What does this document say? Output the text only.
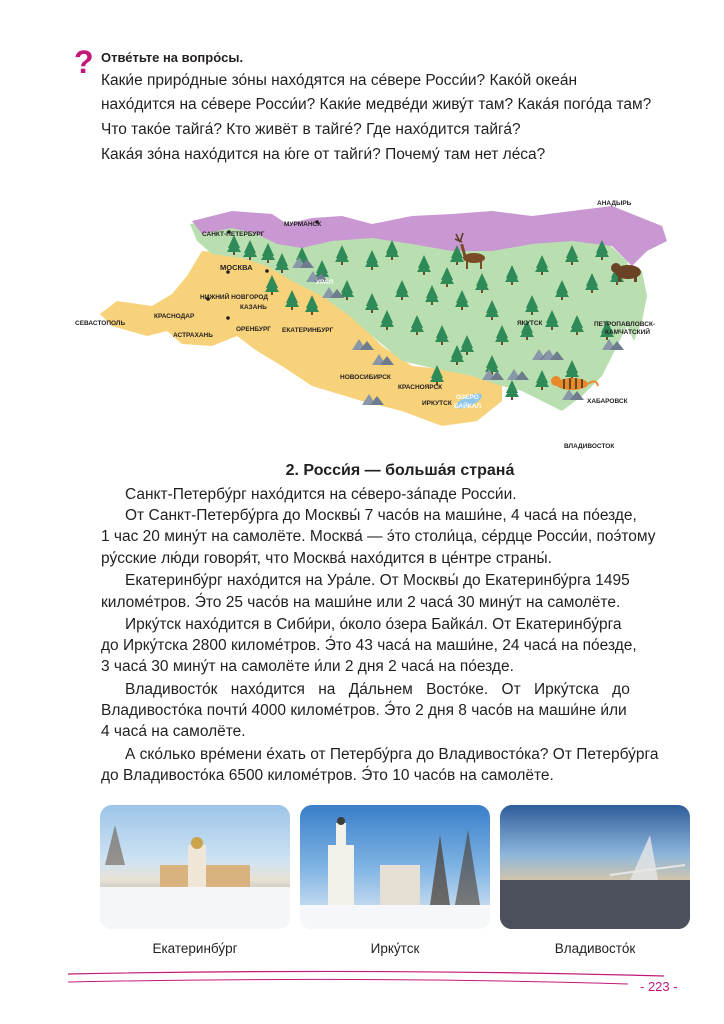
? Отве́тьте на вопро́сы.
Каки́е приро́дные зо́ны нахо́дятся на се́вере Росси́и? Како́й океа́н
нахо́дится на се́вере Росси́и? Каки́е медве́ди живу́т там? Кака́я пого́да там?
Что тако́е тайга́? Кто живёт в тайге́? Где нахо́дится тайга́?
Кака́я зо́на нахо́дится на ю́ге от тайги́? Почему́ там нет ле́са?
МУРМАНСК
АНАДЫРЬ
САНКТ-ПЕТЕРБУРГ
МОСКВА
УРАЛ
НИЖНИЙ НОВГОРОД
КАЗАНЬ
СЕВАСТОПОЛЬ
КРАСНОДАР
АСТРАХАНЬ
ОРЕНБУРГ ЕКАТЕРИНБУРГ
НОВОСИБИРСК
КРАСНОЯРСК
ИРКУТСК
ОЗЕРО
БАЙКАЛ
ЯКУТСК	ПЕТРОПАВЛОВСК-
КАМЧАТСКИЙ
ХАБАРОВСК
ВЛАДИВОСТОК
2. Росси́я — больша́я страна́
Санкт-Петербу́рг нахо́дится на се́веро-за́паде Росси́и.
От Санкт-Петербу́рга до Москвы́ 7 часо́в на маши́не, 4 часа́ на по́езде,
1 час 20 мину́т на самолёте. Москва́ — э́то столи́ца, се́рдце Росси́и, поэ́тому
ру́сские лю́ди говоря́т, что Москва́ нахо́дится в це́нтре страны́.
Екатеринбу́рг нахо́дится на Ура́ле. От Москвы́ до Екатеринбу́рга 1495
киломе́тров. Э́то 25 часо́в на маши́не или 2 часа́ 30 мину́т на самолёте.
Ирку́тск нахо́дится в Сиби́ри, о́коло о́зера Байка́л. От Екатеринбу́рга
до Ирку́тска 2800 киломе́тров. Э́то 43 часа́ на маши́не, 24 часа́ на по́езде,
3 часа́ 30 мину́т на самолёте и́ли 2 дня 2 часа́ на по́езде.
Владивосто́к нахо́дится на Да́льнем Восто́ке. От Ирку́тска до
Владивосто́ка почти́ 4000 киломе́тров. Э́то 2 дня 8 часо́в на маши́не и́ли
4 часа́ на самолёте.
А ско́лько вре́мени е́хать от Петербу́рга до Владивосто́ка? От Петербу́рга
до Владивосто́ка 6500 киломе́тров. Э́то 10 часо́в на самолёте.
Екатеринбу́рг	Ирку́тск	Владивосто́к
- 223 -
